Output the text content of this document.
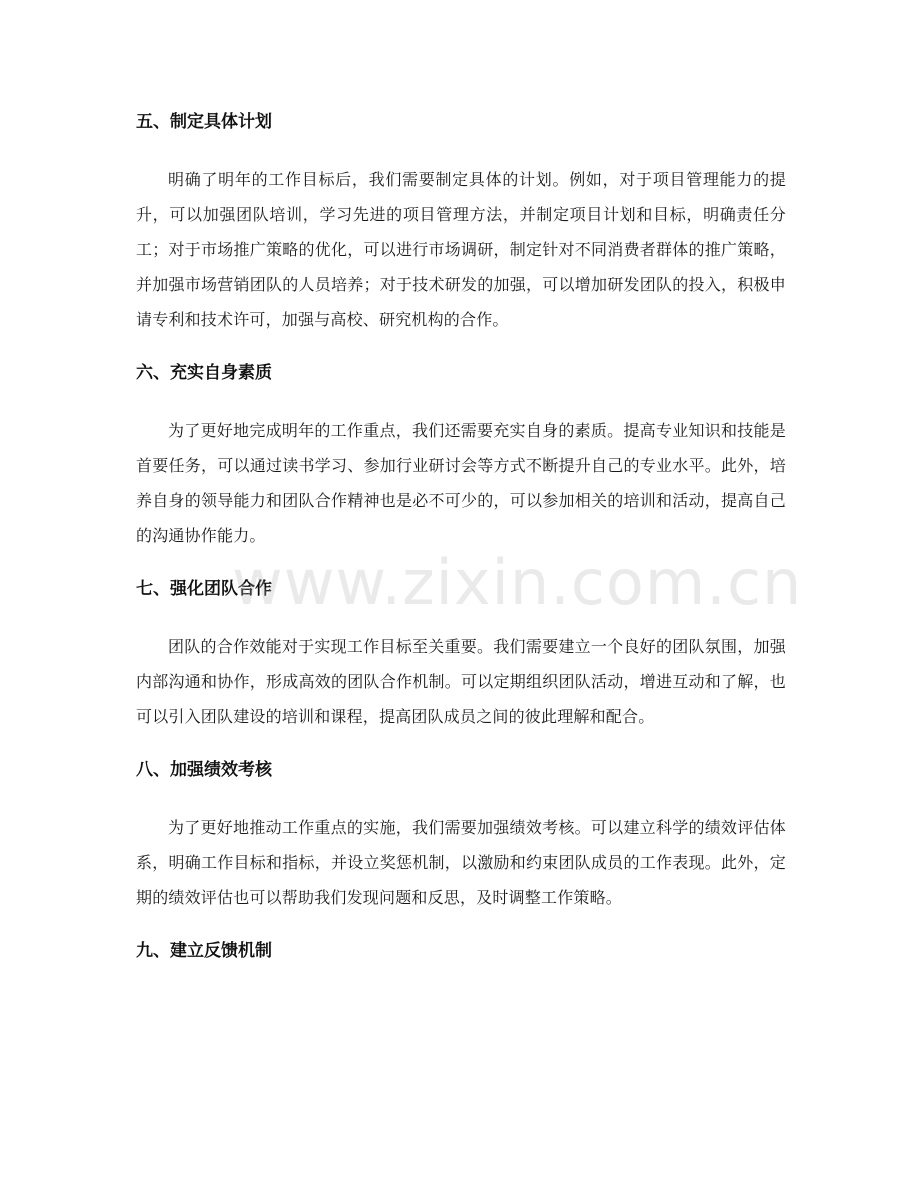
五、制定具体计划

明确了明年的工作目标后，我们需要制定具体的计划。例如，对于项目管理能力的提升，可以加强团队培训，学习先进的项目管理方法，并制定项目计划和目标，明确责任分工；对于市场推广策略的优化，可以进行市场调研，制定针对不同消费者群体的推广策略，并加强市场营销团队的人员培养；对于技术研发的加强，可以增加研发团队的投入，积极申请专利和技术许可，加强与高校、研究机构的合作。

六、充实自身素质

为了更好地完成明年的工作重点，我们还需要充实自身的素质。提高专业知识和技能是首要任务，可以通过读书学习、参加行业研讨会等方式不断提升自己的专业水平。此外，培养自身的领导能力和团队合作精神也是必不可少的，可以参加相关的培训和活动，提高自己的沟通协作能力。

七、强化团队合作

团队的合作效能对于实现工作目标至关重要。我们需要建立一个良好的团队氛围，加强内部沟通和协作，形成高效的团队合作机制。可以定期组织团队活动，增进互动和了解，也可以引入团队建设的培训和课程，提高团队成员之间的彼此理解和配合。

八、加强绩效考核

为了更好地推动工作重点的实施，我们需要加强绩效考核。可以建立科学的绩效评估体系，明确工作目标和指标，并设立奖惩机制，以激励和约束团队成员的工作表现。此外，定期的绩效评估也可以帮助我们发现问题和反思，及时调整工作策略。

九、建立反馈机制
www.zixin.com.cn
